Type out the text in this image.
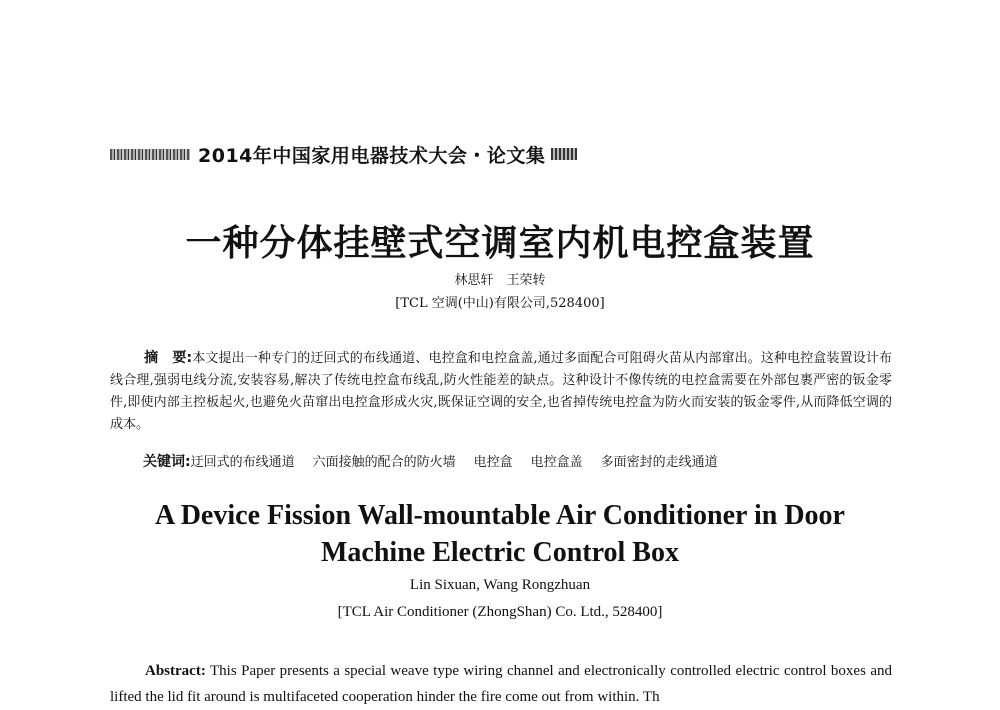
2014年中国家用电器技术大会・论文集
一种分体挂壁式空调室内机电控盒装置
林思轩　王荣转
[TCL 空调(中山)有限公司,528400]
摘　要:本文提出一种专门的迂回式的布线通道、电控盒和电控盒盖,通过多面配合可阻碍火苗从内部窜出。这种电控盒装置设计布线合理,强弱电线分流,安装容易,解决了传统电控盒布线乱,防火性能差的缺点。这种设计不像传统的电控盒需要在外部包裹严密的钣金零件,即使内部主控板起火,也避免火苗窜出电控盒形成火灾,既保证空调的安全,也省掉传统电控盒为防火而安装的钣金零件,从而降低空调的成本。
关键词:迂回式的布线通道 六面接触的配合的防火墙 电控盒 电控盒盖 多面密封的走线通道
A Device Fission Wall-mountable Air Conditioner in Door
Machine Electric Control Box
Lin Sixuan, Wang Rongzhuan
[TCL Air Conditioner (ZhongShan) Co. Ltd., 528400]
Abstract: This Paper presents a special weave type wiring channel and electronically controlled electric control boxes and lifted the lid fit around is multifaceted cooperation hinder the fire come out from within. Th
